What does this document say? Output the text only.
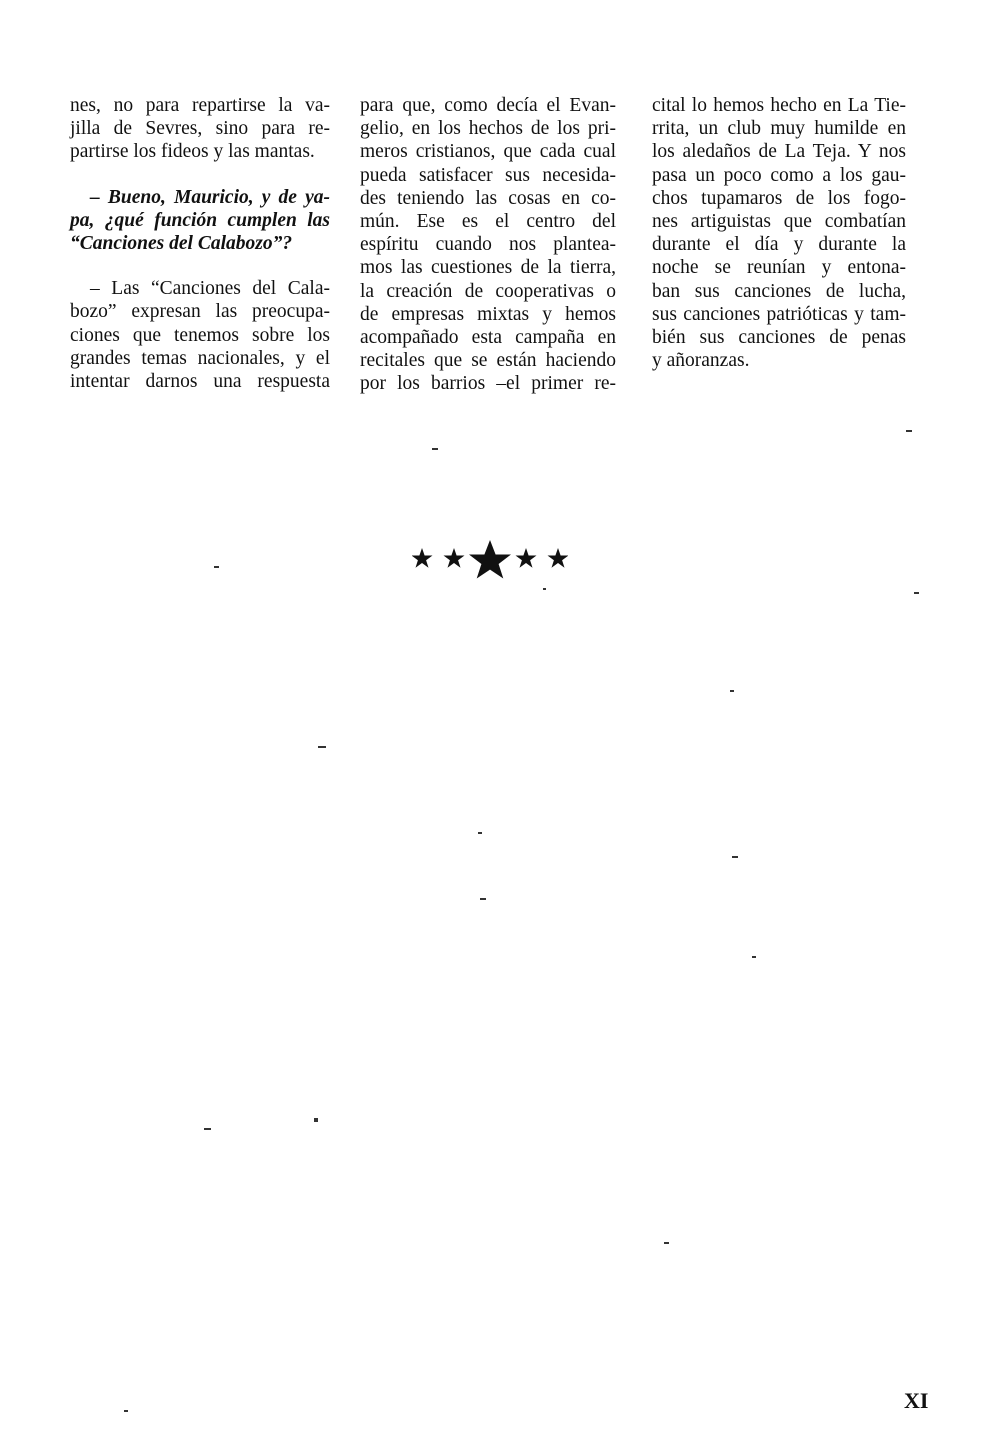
nes, no para repartirse la va-
jilla de Sevres, sino para re-
partirse los fideos y las mantas.

– Bueno, Mauricio, y de ya-
pa, ¿qué función cumplen las
“Canciones del Calabozo”?

– Las “Canciones del Cala-
bozo” expresan las preocupa-
ciones que tenemos sobre los
grandes temas nacionales, y el
intentar darnos una respuesta

para que, como decía el Evan-
gelio, en los hechos de los pri-
meros cristianos, que cada cual
pueda satisfacer sus necesida-
des teniendo las cosas en co-
mún. Ese es el centro del
espíritu cuando nos plantea-
mos las cuestiones de la tierra,
la creación de cooperativas o
de empresas mixtas y hemos
acompañado esta campaña en
recitales que se están haciendo
por los barrios –el primer re-

cital lo hemos hecho en La Tie-
rrita, un club muy humilde en
los aledaños de La Teja. Y nos
pasa un poco como a los gau-
chos tupamaros de los fogo-
nes artiguistas que combatían
durante el día y durante la
noche se reunían y entona-
ban sus canciones de lucha,
sus canciones patrióticas y tam-
bién sus canciones de penas
y añoranzas.

XI
